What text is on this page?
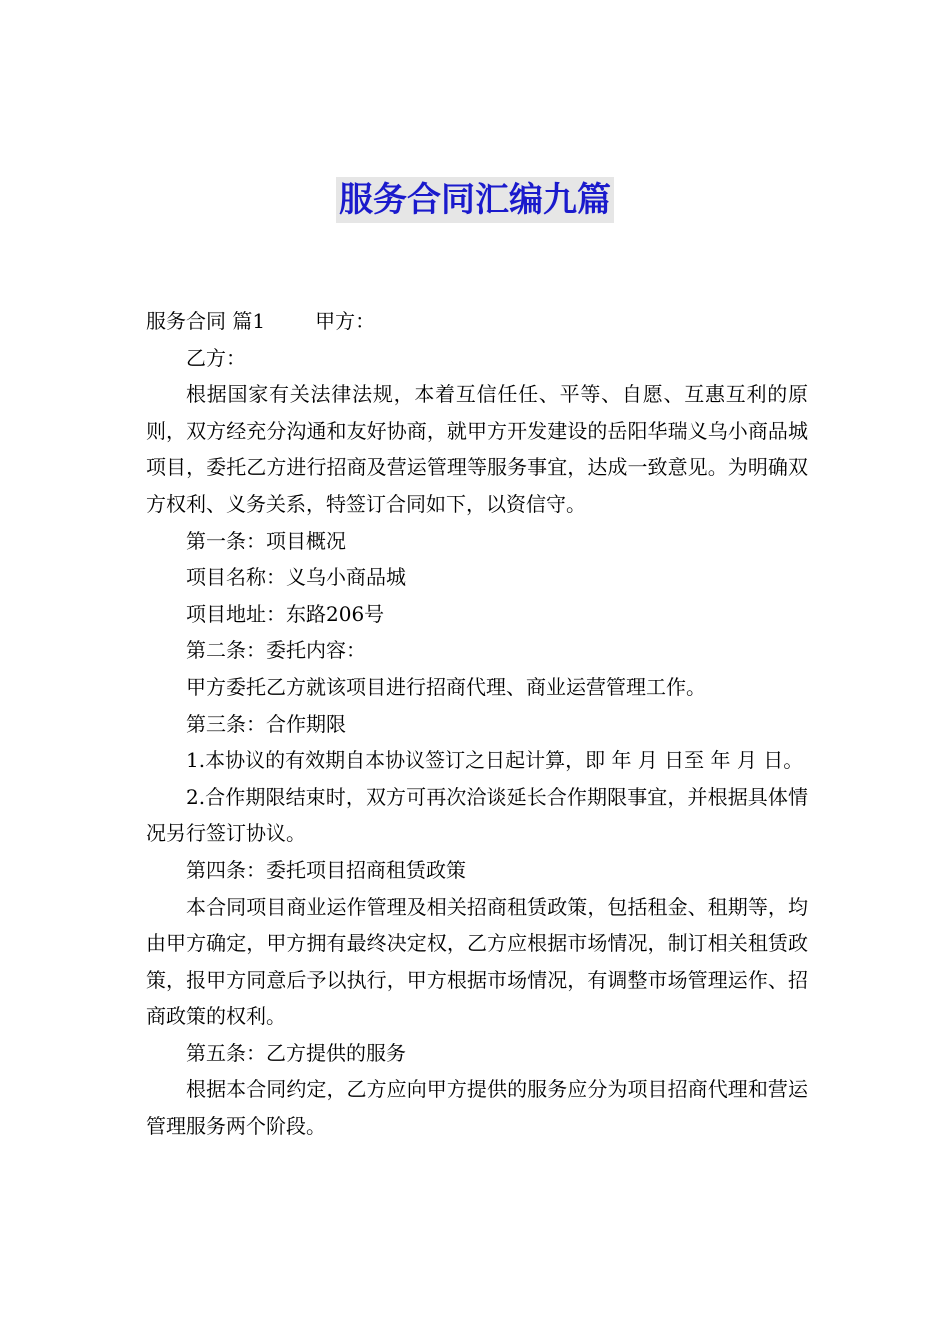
服务合同汇编九篇

服务合同 篇1	甲方：

乙方：

根据国家有关法律法规，本着互信任任、平等、自愿、互惠互利的原则，双方经充分沟通和友好协商，就甲方开发建设的岳阳华瑞义乌小商品城项目，委托乙方进行招商及营运管理等服务事宜，达成一致意见。为明确双方权利、义务关系，特签订合同如下，以资信守。

第一条：项目概况

项目名称：义乌小商品城

项目地址：东路206号

第二条：委托内容：

甲方委托乙方就该项目进行招商代理、商业运营管理工作。

第三条：合作期限

1.本协议的有效期自本协议签订之日起计算，即 年 月 日至 年 月 日。

2.合作期限结束时，双方可再次洽谈延长合作期限事宜，并根据具体情况另行签订协议。

第四条：委托项目招商租赁政策

本合同项目商业运作管理及相关招商租赁政策，包括租金、租期等，均由甲方确定，甲方拥有最终决定权，乙方应根据市场情况，制订相关租赁政策，报甲方同意后予以执行，甲方根据市场情况，有调整市场管理运作、招商政策的权利。

第五条：乙方提供的服务

根据本合同约定，乙方应向甲方提供的服务应分为项目招商代理和营运管理服务两个阶段。
